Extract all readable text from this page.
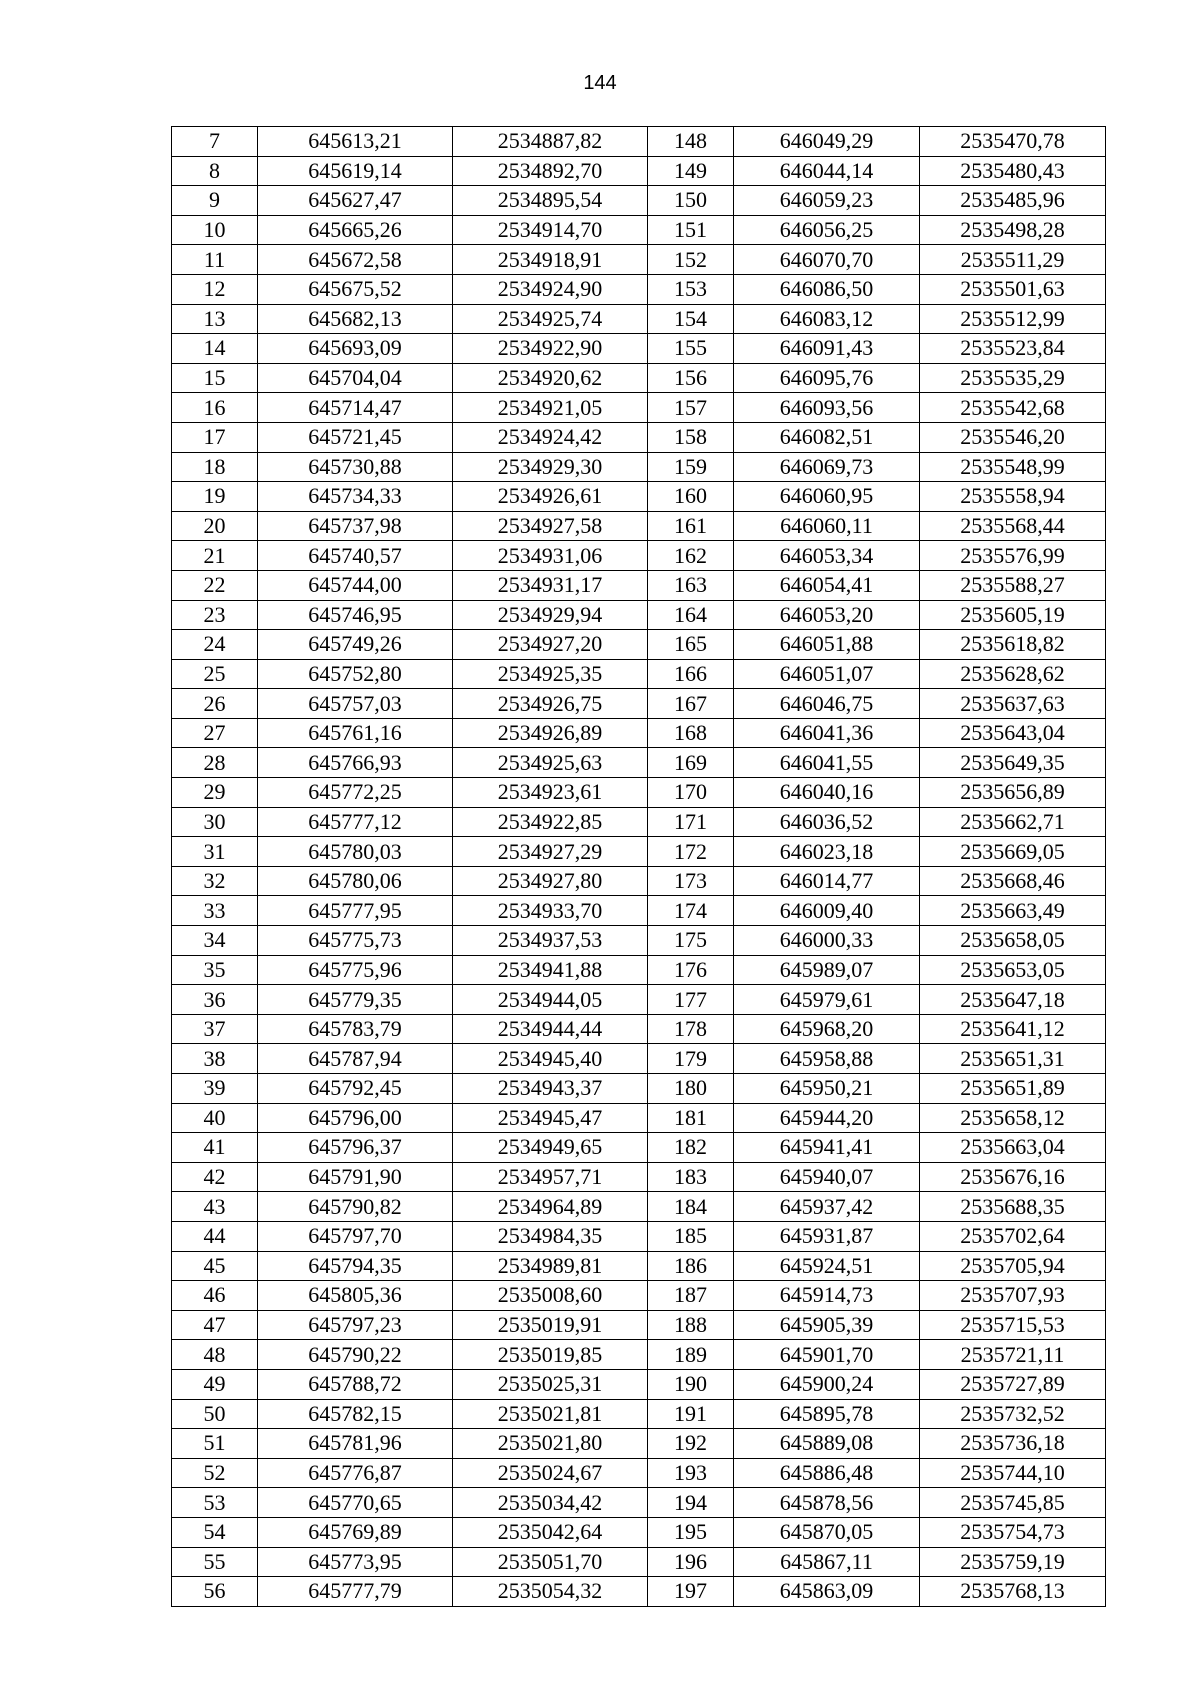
144
7	645613,21	2534887,82	148	646049,29	2535470,78
8	645619,14	2534892,70	149	646044,14	2535480,43
9	645627,47	2534895,54	150	646059,23	2535485,96
10	645665,26	2534914,70	151	646056,25	2535498,28
11	645672,58	2534918,91	152	646070,70	2535511,29
12	645675,52	2534924,90	153	646086,50	2535501,63
13	645682,13	2534925,74	154	646083,12	2535512,99
14	645693,09	2534922,90	155	646091,43	2535523,84
15	645704,04	2534920,62	156	646095,76	2535535,29
16	645714,47	2534921,05	157	646093,56	2535542,68
17	645721,45	2534924,42	158	646082,51	2535546,20
18	645730,88	2534929,30	159	646069,73	2535548,99
19	645734,33	2534926,61	160	646060,95	2535558,94
20	645737,98	2534927,58	161	646060,11	2535568,44
21	645740,57	2534931,06	162	646053,34	2535576,99
22	645744,00	2534931,17	163	646054,41	2535588,27
23	645746,95	2534929,94	164	646053,20	2535605,19
24	645749,26	2534927,20	165	646051,88	2535618,82
25	645752,80	2534925,35	166	646051,07	2535628,62
26	645757,03	2534926,75	167	646046,75	2535637,63
27	645761,16	2534926,89	168	646041,36	2535643,04
28	645766,93	2534925,63	169	646041,55	2535649,35
29	645772,25	2534923,61	170	646040,16	2535656,89
30	645777,12	2534922,85	171	646036,52	2535662,71
31	645780,03	2534927,29	172	646023,18	2535669,05
32	645780,06	2534927,80	173	646014,77	2535668,46
33	645777,95	2534933,70	174	646009,40	2535663,49
34	645775,73	2534937,53	175	646000,33	2535658,05
35	645775,96	2534941,88	176	645989,07	2535653,05
36	645779,35	2534944,05	177	645979,61	2535647,18
37	645783,79	2534944,44	178	645968,20	2535641,12
38	645787,94	2534945,40	179	645958,88	2535651,31
39	645792,45	2534943,37	180	645950,21	2535651,89
40	645796,00	2534945,47	181	645944,20	2535658,12
41	645796,37	2534949,65	182	645941,41	2535663,04
42	645791,90	2534957,71	183	645940,07	2535676,16
43	645790,82	2534964,89	184	645937,42	2535688,35
44	645797,70	2534984,35	185	645931,87	2535702,64
45	645794,35	2534989,81	186	645924,51	2535705,94
46	645805,36	2535008,60	187	645914,73	2535707,93
47	645797,23	2535019,91	188	645905,39	2535715,53
48	645790,22	2535019,85	189	645901,70	2535721,11
49	645788,72	2535025,31	190	645900,24	2535727,89
50	645782,15	2535021,81	191	645895,78	2535732,52
51	645781,96	2535021,80	192	645889,08	2535736,18
52	645776,87	2535024,67	193	645886,48	2535744,10
53	645770,65	2535034,42	194	645878,56	2535745,85
54	645769,89	2535042,64	195	645870,05	2535754,73
55	645773,95	2535051,70	196	645867,11	2535759,19
56	645777,79	2535054,32	197	645863,09	2535768,13
